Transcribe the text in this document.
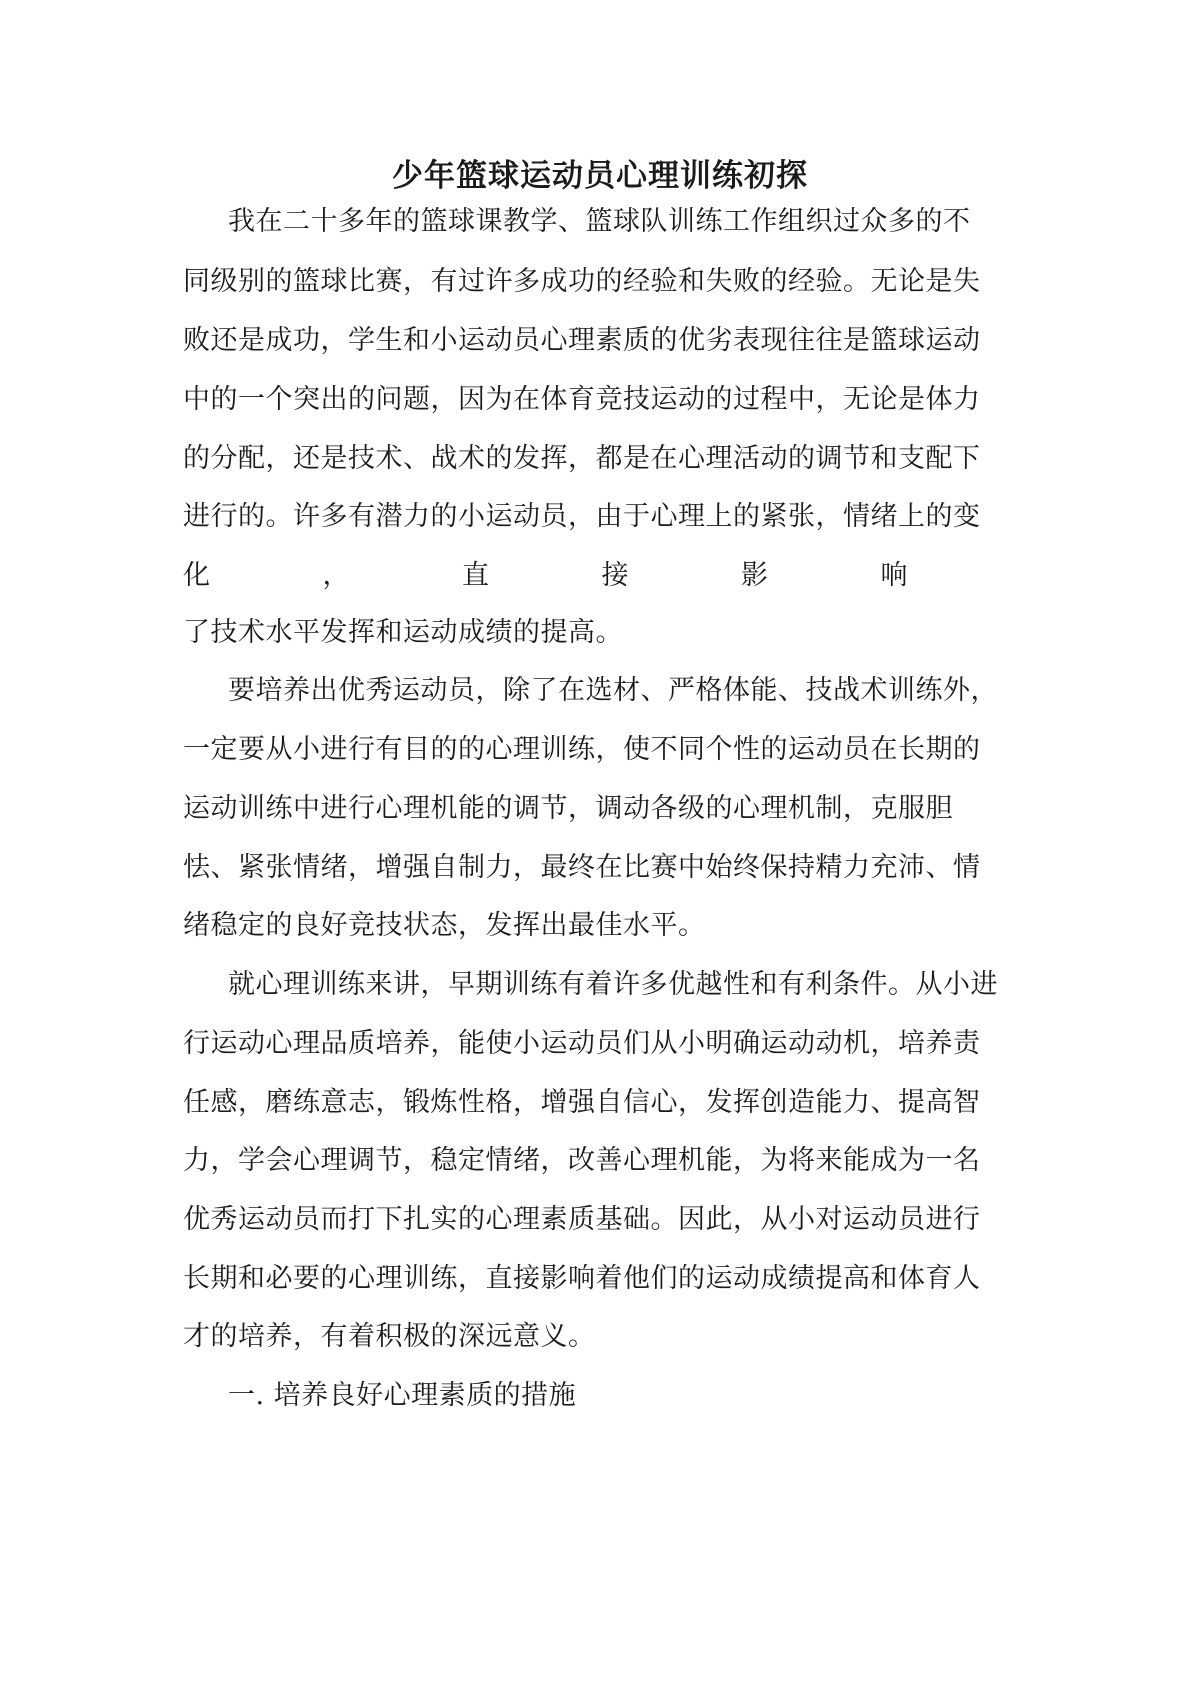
少年篮球运动员心理训练初探
我在二十多年的篮球课教学、篮球队训练工作组织过众多的不
同级别的篮球比赛，有过许多成功的经验和失败的经验。无论是失
败还是成功，学生和小运动员心理素质的优劣表现往往是篮球运动
中的一个突出的问题，因为在体育竞技运动的过程中，无论是体力
的分配，还是技术、战术的发挥，都是在心理活动的调节和支配下
进行的。许多有潜力的小运动员，由于心理上的紧张，情绪上的变
化	，	直	接	影	响
了技术水平发挥和运动成绩的提高。
要培养出优秀运动员，除了在选材、严格体能、技战术训练外，
一定要从小进行有目的的心理训练，使不同个性的运动员在长期的
运动训练中进行心理机能的调节，调动各级的心理机制，克服胆
怯、紧张情绪，增强自制力，最终在比赛中始终保持精力充沛、情
绪稳定的良好竞技状态，发挥出最佳水平。
就心理训练来讲，早期训练有着许多优越性和有利条件。从小进
行运动心理品质培养，能使小运动员们从小明确运动动机，培养责
任感，磨练意志，锻炼性格，增强自信心，发挥创造能力、提高智
力，学会心理调节，稳定情绪，改善心理机能，为将来能成为一名
优秀运动员而打下扎实的心理素质基础。因此，从小对运动员进行
长期和必要的心理训练，直接影响着他们的运动成绩提高和体育人
才的培养，有着积极的深远意义。
一. 培养良好心理素质的措施
